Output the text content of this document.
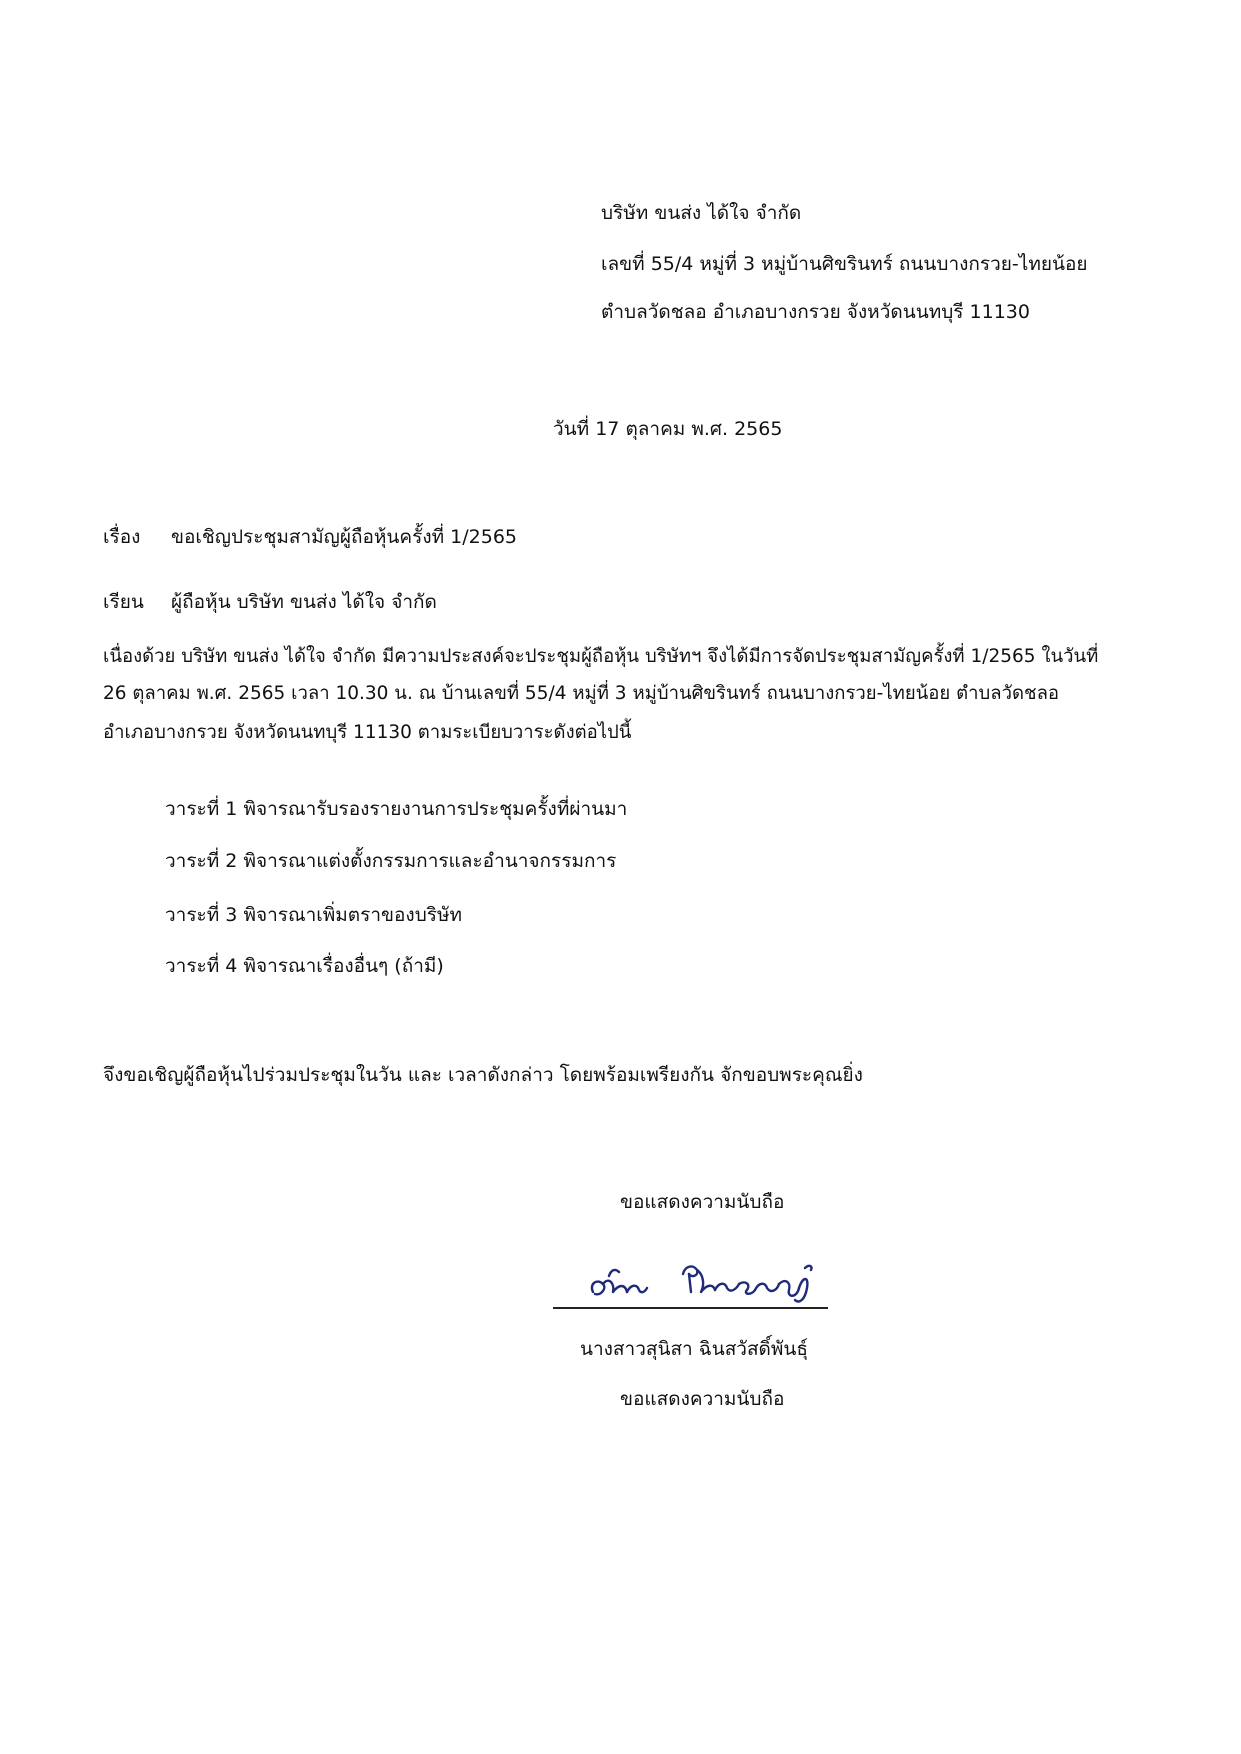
บริษัท ขนส่ง ได้ใจ จำกัด
เลขที่ 55/4 หมู่ที่ 3 หมู่บ้านศิขรินทร์ ถนนบางกรวย-ไทยน้อย
ตำบลวัดชลอ อำเภอบางกรวย จังหวัดนนทบุรี 11130
วันที่ 17 ตุลาคม พ.ศ. 2565
เรื่อง ขอเชิญประชุมสามัญผู้ถือหุ้นครั้งที่ 1/2565
เรียน ผู้ถือหุ้น บริษัท ขนส่ง ได้ใจ จำกัด
เนื่องด้วย บริษัท ขนส่ง ได้ใจ จำกัด มีความประสงค์จะประชุมผู้ถือหุ้น บริษัทฯ จึงได้มีการจัดประชุมสามัญครั้งที่ 1/2565 ในวันที่
26 ตุลาคม พ.ศ. 2565 เวลา 10.30 น. ณ บ้านเลขที่ 55/4 หมู่ที่ 3 หมู่บ้านศิขรินทร์ ถนนบางกรวย-ไทยน้อย ตำบลวัดชลอ
อำเภอบางกรวย จังหวัดนนทบุรี 11130 ตามระเบียบวาระดังต่อไปนี้
วาระที่ 1 พิจารณารับรองรายงานการประชุมครั้งที่ผ่านมา
วาระที่ 2 พิจารณาแต่งตั้งกรรมการและอำนาจกรรมการ
วาระที่ 3 พิจารณาเพิ่มตราของบริษัท
วาระที่ 4 พิจารณาเรื่องอื่นๆ (ถ้ามี)
จึงขอเชิญผู้ถือหุ้นไปร่วมประชุมในวัน และ เวลาดังกล่าว โดยพร้อมเพรียงกัน จักขอบพระคุณยิ่ง
ขอแสดงความนับถือ
นางสาวสุนิสา ฉินสวัสดิ์พันธุ์
ขอแสดงความนับถือ
